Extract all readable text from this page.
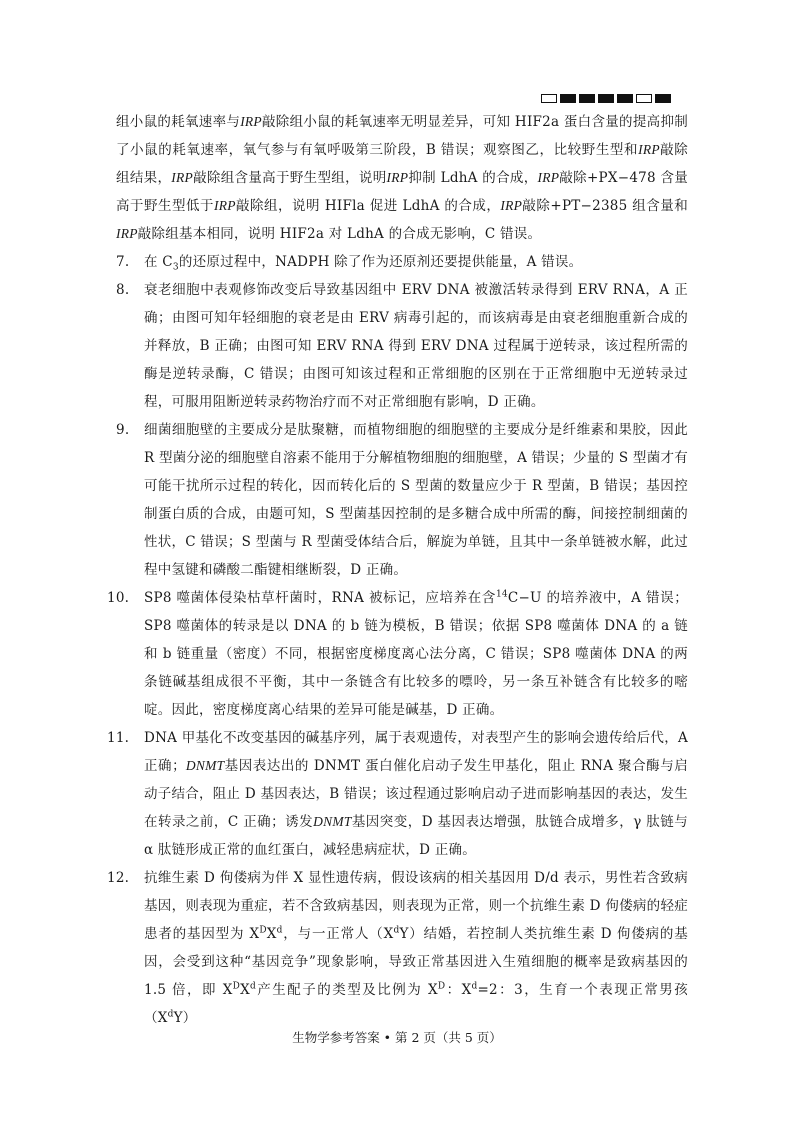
组小鼠的耗氧速率与IRP敲除组小鼠的耗氧速率无明显差异，可知 HIF2a 蛋白含量的提高抑制了小鼠的耗氧速率，氧气参与有氧呼吸第三阶段，B 错误；观察图乙，比较野生型和IRP敲除组结果，IRP敲除组含量高于野生型组，说明IRP抑制 LdhA 的合成，IRP敲除+PX−478 含量高于野生型低于IRP敲除组，说明 HIFla 促进 LdhA 的合成，IRP敲除+PT−2385 组含量和IRP敲除组基本相同，说明 HIF2a 对 LdhA 的合成无影响，C 错误。

7. 在 $C_3$的还原过程中，NADPH 除了作为还原剂还要提供能量，A 错误。

8. 衰老细胞中表观修饰改变后导致基因组中 ERV DNA 被激活转录得到 ERV RNA，A 正确；由图可知年轻细胞的衰老是由 ERV 病毒引起的，而该病毒是由衰老细胞重新合成的并释放，B 正确；由图可知 ERV RNA 得到 ERV DNA 过程属于逆转录，该过程所需的酶是逆转录酶，C 错误；由图可知该过程和正常细胞的区别在于正常细胞中无逆转录过程，可服用阻断逆转录药物治疗而不对正常细胞有影响，D 正确。

9. 细菌细胞壁的主要成分是肽聚糖，而植物细胞的细胞壁的主要成分是纤维素和果胶，因此 R 型菌分泌的细胞壁自溶素不能用于分解植物细胞的细胞壁，A 错误；少量的 S 型菌才有可能干扰所示过程的转化，因而转化后的 S 型菌的数量应少于 R 型菌，B 错误；基因控制蛋白质的合成，由题可知，S 型菌基因控制的是多糖合成中所需的酶，间接控制细菌的性状，C 错误；S 型菌与 R 型菌受体结合后，解旋为单链，且其中一条单链被水解，此过程中氢键和磷酸二酯键相继断裂，D 正确。

10. SP8 噬菌体侵染枯草杆菌时，RNA 被标记，应培养在含$^{14}$C−U 的培养液中，A 错误；SP8 噬菌体的转录是以 DNA 的 b 链为模板，B 错误；依据 SP8 噬菌体 DNA 的 a 链和 b 链重量（密度）不同，根据密度梯度离心法分离，C 错误；SP8 噬菌体 DNA 的两条链碱基组成很不平衡，其中一条链含有比较多的嘌呤，另一条互补链含有比较多的嘧啶。因此，密度梯度离心结果的差异可能是碱基，D 正确。

11. DNA 甲基化不改变基因的碱基序列，属于表观遗传，对表型产生的影响会遗传给后代，A 正确；DNMT基因表达出的 DNMT 蛋白催化启动子发生甲基化，阻止 RNA 聚合酶与启动子结合，阻止 D 基因表达，B 错误；该过程通过影响启动子进而影响基因的表达，发生在转录之前，C 正确；诱发DNMT基因突变，D 基因表达增强，肽链合成增多，γ 肽链与 α 肽链形成正常的血红蛋白，减轻患病症状，D 正确。

12. 抗维生素 D 佝偻病为伴 X 显性遗传病，假设该病的相关基因用 D/d 表示，男性若含致病基因，则表现为重症，若不含致病基因，则表现为正常，则一个抗维生素 D 佝偻病的轻症患者的基因型为 $X^DX^d$，与一正常人$(X^dY)$结婚，若控制人类抗维生素 D 佝偻病的基因，会受到这种“基因竞争”现象影响，导致正常基因进入生殖细胞的概率是致病基因的 1.5 倍，即 $X^DX^d$产生配子的类型及比例为 $X^D$：$X^d=2$：3，生育一个表现正常男孩$(X^dY)$

生物学参考答案 • 第 2 页（共 5 页）
